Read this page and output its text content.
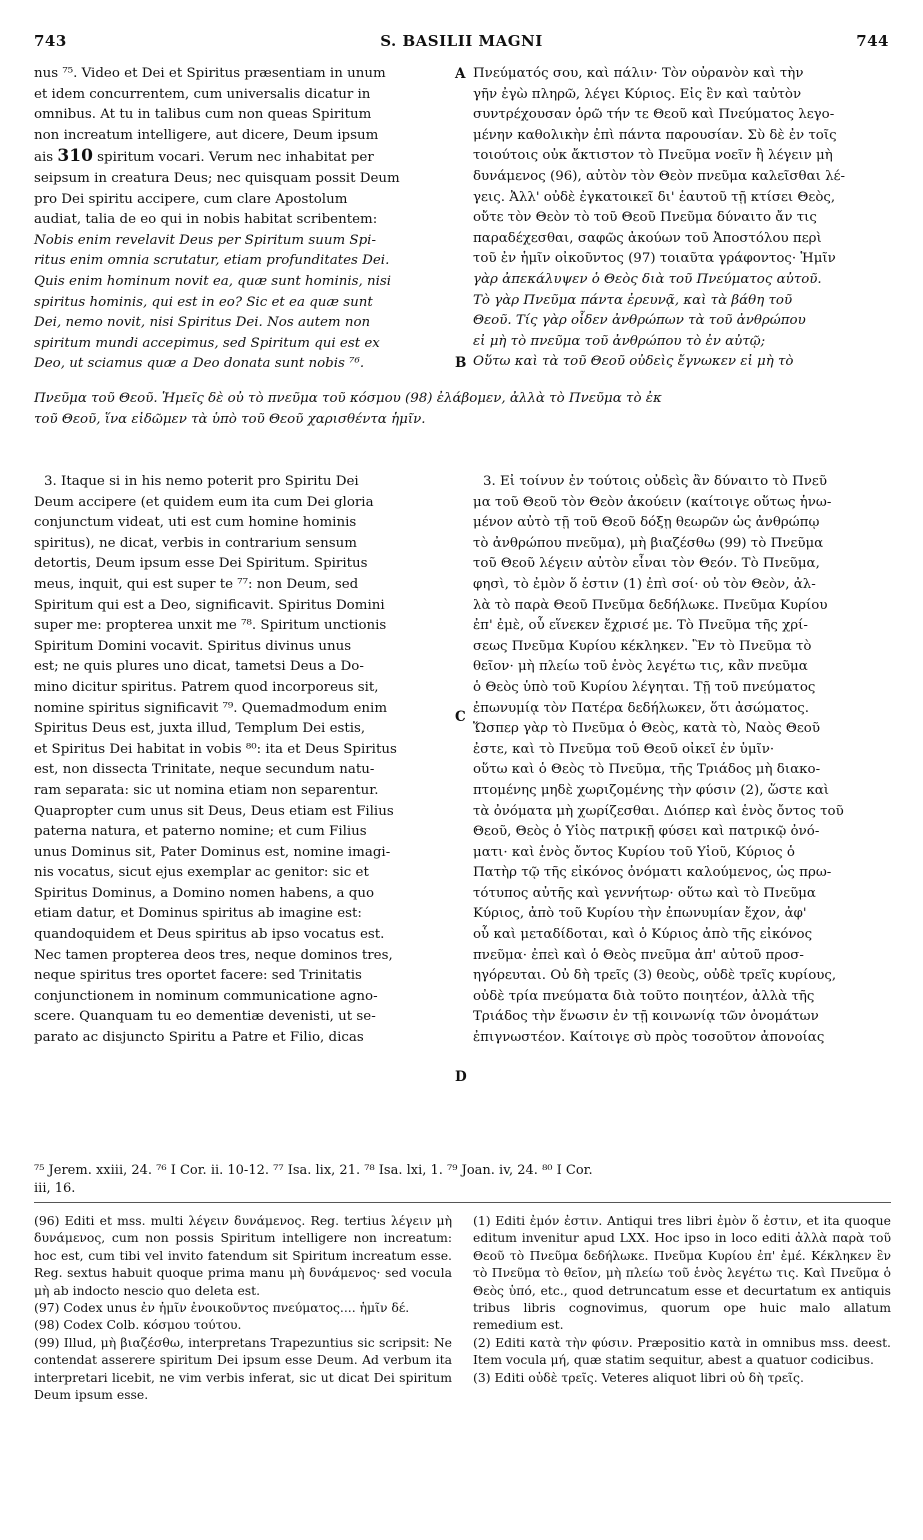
743	S. BASILII MAGNI	744

nus ⁷⁵. Video et Dei et Spiritus præsentiam in unum

et idem concurrentem, cum universalis dicatur in

omnibus. At tu in talibus cum non queas Spiritum

non increatum intelligere, aut dicere, Deum ipsum

ais 310 spiritum vocari. Verum nec inhabitat per

seipsum in creatura Deus; nec quisquam possit Deum

pro Dei spiritu accipere, cum clare Apostolum

audiat, talia de eo qui in nobis habitat scribentem:

Nobis enim revelavit Deus per Spiritum suum Spi-

ritus enim omnia scrutatur, etiam profunditates Dei.

Quis enim hominum novit ea, quæ sunt hominis, nisi

spiritus hominis, qui est in eo? Sic et ea quæ sunt

Dei, nemo novit, nisi Spiritus Dei. Nos autem non

spiritum mundi accepimus, sed Spiritum qui est ex

Deo, ut sciamus quæ a Deo donata sunt nobis ⁷⁶.

A
B
C
D

Πνεύματός σου, καὶ πάλιν· Τὸν οὐρανὸν καὶ τὴν

γῆν ἐγὼ πληρῶ, λέγει Κύριος. Εἰς ἓν καὶ ταὐτὸν

συντρέχουσαν ὁρῶ τήν τε Θεοῦ καὶ Πνεύματος λεγο-

μένην καθολικὴν ἐπὶ πάντα παρουσίαν. Σὺ δὲ ἐν τοῖς

τοιούτοις οὐκ ἄκτιστον τὸ Πνεῦμα νοεῖν ἢ λέγειν μὴ

δυνάμενος (96), αὐτὸν τὸν Θεὸν πνεῦμα καλεῖσθαι λέ-

γεις. Ἀλλ' οὐδὲ ἐγκατοικεῖ δι' ἑαυτοῦ τῇ κτίσει Θεὸς,

οὔτε τὸν Θεὸν τὸ τοῦ Θεοῦ Πνεῦμα δύναιτο ἄν τις

παραδέχεσθαι, σαφῶς ἀκούων τοῦ Ἀποστόλου περὶ

τοῦ ἐν ἡμῖν οἰκοῦντος (97) τοιαῦτα γράφοντος· Ἡμῖν

γὰρ ἀπεκάλυψεν ὁ Θεὸς διὰ τοῦ Πνεύματος αὐτοῦ.

Τὸ γὰρ Πνεῦμα πάντα ἐρευνᾷ, καὶ τὰ βάθη τοῦ

Θεοῦ. Τίς γὰρ οἶδεν ἀνθρώπων τὰ τοῦ ἀνθρώπου

εἰ μὴ τὸ πνεῦμα τοῦ ἀνθρώπου τὸ ἐν αὐτῷ;

Οὕτω καὶ τὰ τοῦ Θεοῦ οὐδεὶς ἔγνωκεν εἰ μὴ τὸ

Πνεῦμα τοῦ Θεοῦ. Ἡμεῖς δὲ οὐ τὸ πνεῦμα τοῦ κόσμου (98) ἐλάβομεν, ἀλλὰ τὸ Πνεῦμα τὸ ἐκ

τοῦ Θεοῦ, ἵνα εἰδῶμεν τὰ ὑπὸ τοῦ Θεοῦ χαρισθέντα ἡμῖν.

3. Itaque si in his nemo poterit pro Spiritu Dei

Deum accipere (et quidem eum ita cum Dei gloria

conjunctum videat, uti est cum homine hominis

spiritus), ne dicat, verbis in contrarium sensum

detortis, Deum ipsum esse Dei Spiritum. Spiritus

meus, inquit, qui est super te ⁷⁷: non Deum, sed

Spiritum qui est a Deo, significavit. Spiritus Domini

super me: propterea unxit me ⁷⁸. Spiritum unctionis

Spiritum Domini vocavit. Spiritus divinus unus

est; ne quis plures uno dicat, tametsi Deus a Do-

mino dicitur spiritus. Patrem quod incorporeus sit,

nomine spiritus significavit ⁷⁹. Quemadmodum enim

Spiritus Deus est, juxta illud, Templum Dei estis,

et Spiritus Dei habitat in vobis ⁸⁰: ita et Deus Spiritus

est, non dissecta Trinitate, neque secundum natu-

ram separata: sic ut nomina etiam non separentur.

Quapropter cum unus sit Deus, Deus etiam est Filius

paterna natura, et paterno nomine; et cum Filius

unus Dominus sit, Pater Dominus est, nomine imagi-

nis vocatus, sicut ejus exemplar ac genitor: sic et

Spiritus Dominus, a Domino nomen habens, a quo

etiam datur, et Dominus spiritus ab imagine est:

quandoquidem et Deus spiritus ab ipso vocatus est.

Nec tamen propterea deos tres, neque dominos tres,

neque spiritus tres oportet facere: sed Trinitatis

conjunctionem in nominum communicatione agno-

scere. Quanquam tu eo dementiæ devenisti, ut se-

parato ac disjuncto Spiritu a Patre et Filio, dicas

3. Εἰ τοίνυν ἐν τούτοις οὐδεὶς ἂν δύναιτο τὸ Πνεῦ

μα τοῦ Θεοῦ τὸν Θεὸν ἀκούειν (καίτοιγε οὕτως ἡνω-

μένον αὐτὸ τῇ τοῦ Θεοῦ δόξῃ θεωρῶν ὡς ἀνθρώπῳ

τὸ ἀνθρώπου πνεῦμα), μὴ βιαζέσθω (99) τὸ Πνεῦμα

τοῦ Θεοῦ λέγειν αὐτὸν εἶναι τὸν Θεόν. Τὸ Πνεῦμα,

φησὶ, τὸ ἐμὸν ὅ ἐστιν (1) ἐπὶ σοί· οὐ τὸν Θεὸν, ἀλ-

λὰ τὸ παρὰ Θεοῦ Πνεῦμα δεδήλωκε. Πνεῦμα Κυρίου

ἐπ' ἐμὲ, οὗ εἵνεκεν ἔχρισέ με. Τὸ Πνεῦμα τῆς χρί-

σεως Πνεῦμα Κυρίου κέκληκεν. Ἓν τὸ Πνεῦμα τὸ

θεῖον· μὴ πλείω τοῦ ἑνὸς λεγέτω τις, κἂν πνεῦμα

ὁ Θεὸς ὑπὸ τοῦ Κυρίου λέγηται. Τῇ τοῦ πνεύματος

ἐπωνυμίᾳ τὸν Πατέρα δεδήλωκεν, ὅτι ἀσώματος.

Ὥσπερ γὰρ τὸ Πνεῦμα ὁ Θεὸς, κατὰ τὸ, Ναὸς Θεοῦ

ἐστε, καὶ τὸ Πνεῦμα τοῦ Θεοῦ οἰκεῖ ἐν ὑμῖν·

οὕτω καὶ ὁ Θεὸς τὸ Πνεῦμα, τῆς Τριάδος μὴ διακο-

πτομένης μηδὲ χωριζομένης τὴν φύσιν (2), ὥστε καὶ

τὰ ὀνόματα μὴ χωρίζεσθαι. Διόπερ καὶ ἑνὸς ὄντος τοῦ

Θεοῦ, Θεὸς ὁ Υἱὸς πατρικῇ φύσει καὶ πατρικῷ ὀνό-

ματι· καὶ ἑνὸς ὄντος Κυρίου τοῦ Υἱοῦ, Κύριος ὁ

Πατὴρ τῷ τῆς εἰκόνος ὀνόματι καλούμενος, ὡς πρω-

τότυπος αὐτῆς καὶ γεννήτωρ· οὕτω καὶ τὸ Πνεῦμα

Κύριος, ἀπὸ τοῦ Κυρίου τὴν ἐπωνυμίαν ἔχον, ἀφ'

οὗ καὶ μεταδίδοται, καὶ ὁ Κύριος ἀπὸ τῆς εἰκόνος

πνεῦμα· ἐπεὶ καὶ ὁ Θεὸς πνεῦμα ἀπ' αὐτοῦ προσ-

ηγόρευται. Οὐ δὴ τρεῖς (3) θεοὺς, οὐδὲ τρεῖς κυρίους,

οὐδὲ τρία πνεύματα διὰ τοῦτο ποιητέον, ἀλλὰ τῆς

Τριάδος τὴν ἕνωσιν ἐν τῇ κοινωνίᾳ τῶν ὀνομάτων

ἐπιγνωστέον. Καίτοιγε σὺ πρὸς τοσοῦτον ἀπονοίας

⁷⁵ Jerem. xxiii, 24. ⁷⁶ I Cor. ii. 10-12. ⁷⁷ Isa. lix, 21. ⁷⁸ Isa. lxi, 1. ⁷⁹ Joan. iv, 24. ⁸⁰ I Cor.
iii, 16.

(96) Editi et mss. multi λέγειν δυνάμενος. Reg. tertius λέγειν μὴ δυνάμενος, cum non possis Spiritum intelligere non increatum: hoc est, cum tibi vel invito fatendum sit Spiritum increatum esse. Reg. sextus habuit quoque prima manu μὴ δυνάμενος· sed vocula μὴ ab indocto nescio quo deleta est.

(97) Codex unus ἐν ἡμῖν ἐνοικοῦντος πνεύματος.... ἡμῖν δέ.

(98) Codex Colb. κόσμου τούτου.

(99) Illud, μὴ βιαζέσθω, interpretans Trapezuntius sic scripsit: Ne contendat asserere spiritum Dei ipsum esse Deum. Ad verbum ita interpretari licebit, ne vim verbis inferat, sic ut dicat Dei spiritum Deum ipsum esse.

(1) Editi ἐμόν ἐστιν. Antiqui tres libri ἐμὸν ὅ ἐστιν, et ita quoque editum invenitur apud LXX. Hoc ipso in loco editi ἀλλὰ παρὰ τοῦ Θεοῦ τὸ Πνεῦμα δεδήλωκε. Πνεῦμα Κυρίου ἐπ' ἐμέ. Κέκληκεν ἓν τὸ Πνεῦμα τὸ θεῖον, μὴ πλείω τοῦ ἑνὸς λεγέτω τις. Καὶ Πνεῦμα ὁ Θεὸς ὑπό, etc., quod detruncatum esse et decurtatum ex antiquis tribus libris cognovimus, quorum ope huic malo allatum remedium est.

(2) Editi κατὰ τὴν φύσιν. Præpositio κατὰ in omnibus mss. deest. Item vocula μή, quæ statim sequitur, abest a quatuor codicibus.

(3) Editi οὐδὲ τρεῖς. Veteres aliquot libri οὐ δὴ τρεῖς.
